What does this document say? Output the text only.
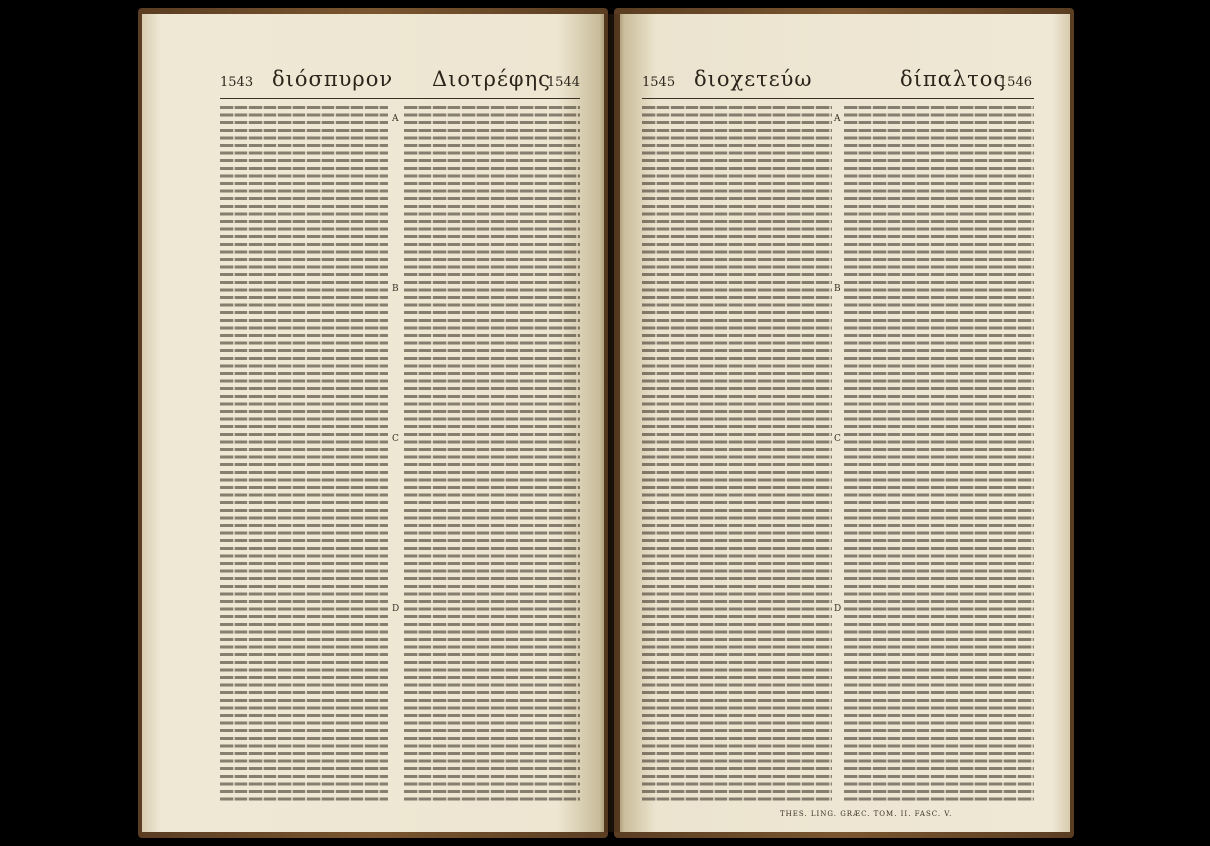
1543 διόσπυρον Διοτρέφης
1544
A
B
C
D
1545 διοχετεύω	δίπαλτος
1546
A
B
C
D
THES. LING. GRÆC. TOM. II. FASC. V.
